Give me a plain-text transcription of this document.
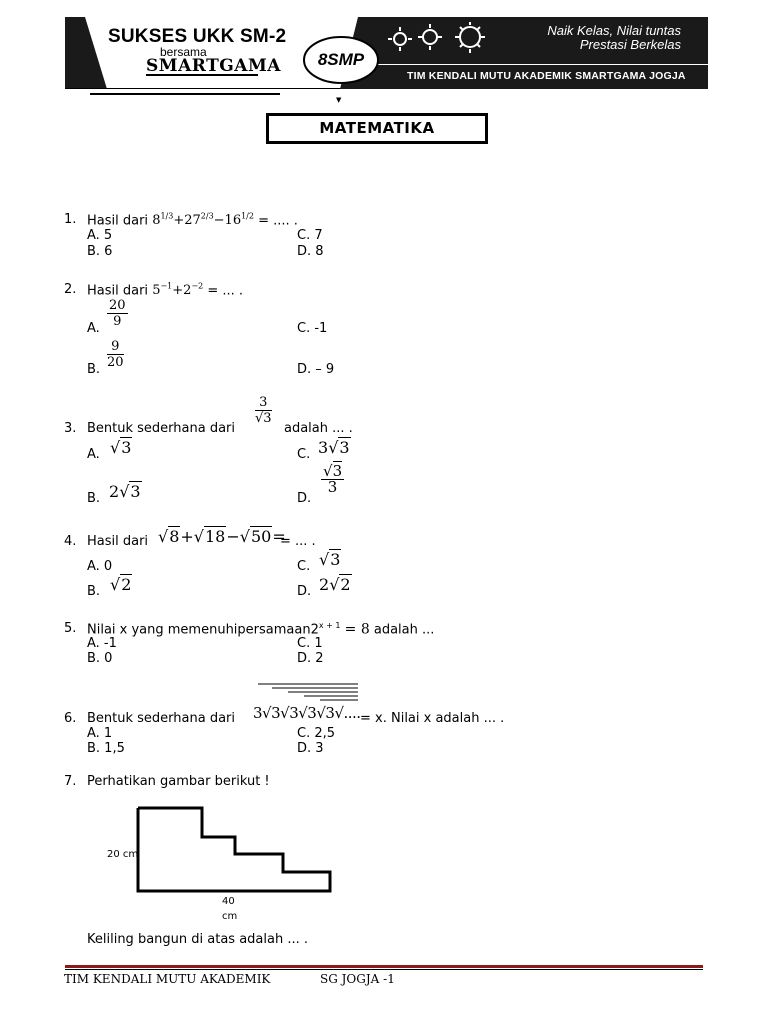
SUKSES UKK SM-2
bersama
SMARTGAMA
Naik Kelas, Nilai tuntas
Prestasi Berkelas
TIM KENDALI MUTU AKADEMIK SMARTGAMA JOGJA
8SMP
▼
MATEMATIKA
1. Hasil dari $8^{1/3}+27^{2/3}-16^{1/2}$ = .... .
A. 5	C. 7
B. 6	D. 8
2. Hasil dari $5^{-1}+2^{-2}$ = ... .
A. $\frac{20}{9}$	C. -1
B. $\frac{9}{20}$	D. – 9
3. Bentuk sederhana dari
$\frac{3}{√3}$
adalah ... .
A. √3	C. 3√3
B. 2√3	D.
$\frac{√3}{3}$
4. Hasil dari √8+√18−√50=
= ... .
A. 0	C. √3
B. √2	D. 2√2
5. Nilai x yang $memenuhipersamaan2^{x + 1} = 8$ adalah ...
A. -1	C. 1
B. 0	D. 2
6. Bentuk sederhana dari 3√3√3√3√3√.... = x. Nilai x adalah ... .
A. 1	C. 2,5
B. 1,5	D. 3
7. Perhatikan gambar berikut !
20 cm
40
cm
Keliling bangun di atas adalah ... .
TIM KENDALI MUTU AKADEMIK	SG JOGJA -1
